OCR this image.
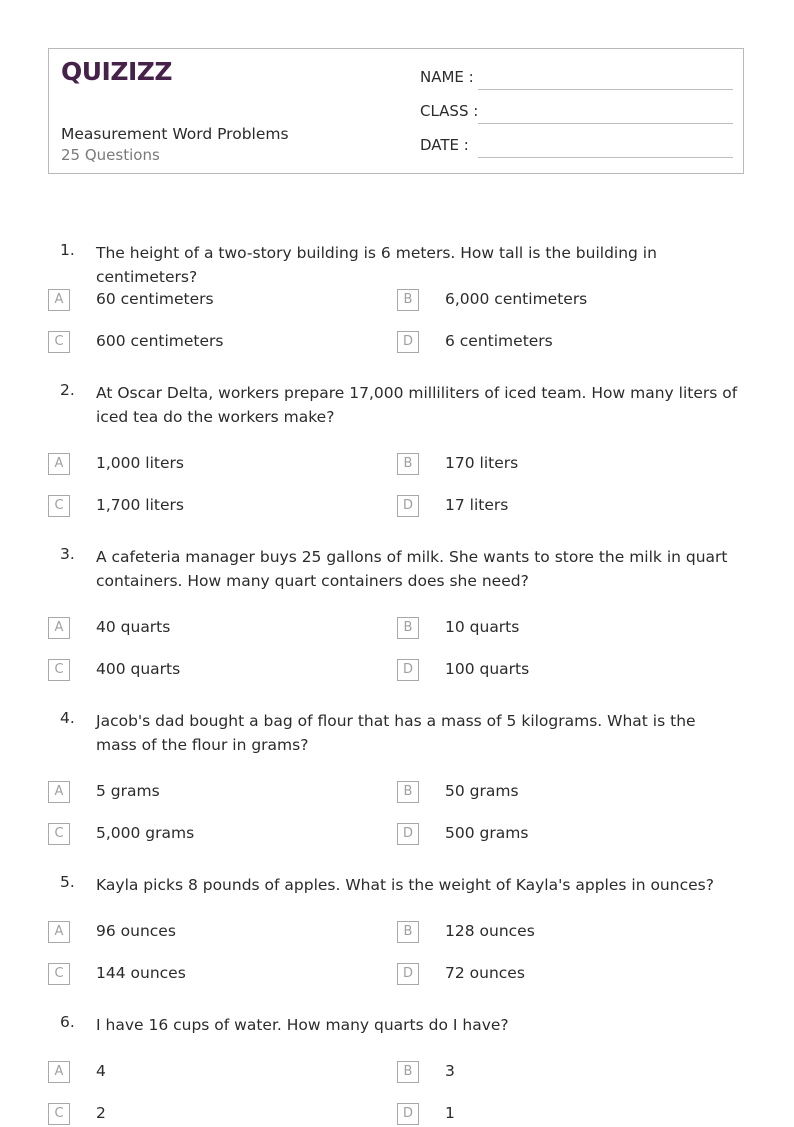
QUIZIZZ
Measurement Word Problems
25 Questions
NAME :
CLASS :
DATE :
1. The height of a two-story building is 6 meters. How tall is the building in centimeters?
A	60 centimeters	B	6,000 centimeters
C	600 centimeters	D	6 centimeters
2. At Oscar Delta, workers prepare 17,000 milliliters of iced team. How many liters of iced tea do the workers make?
A	1,000 liters	B	170 liters
C	1,700 liters	D	17 liters
3. A cafeteria manager buys 25 gallons of milk. She wants to store the milk in quart containers. How many quart containers does she need?
A	40 quarts	B	10 quarts
C	400 quarts	D	100 quarts
4. Jacob's dad bought a bag of flour that has a mass of 5 kilograms. What is the mass of the flour in grams?
A	5 grams	B	50 grams
C	5,000 grams	D	500 grams
5. Kayla picks 8 pounds of apples. What is the weight of Kayla's apples in ounces?
A	96 ounces	B	128 ounces
C	144 ounces	D	72 ounces
6. I have 16 cups of water. How many quarts do I have?
A	4	B	3
C	2	D	1
